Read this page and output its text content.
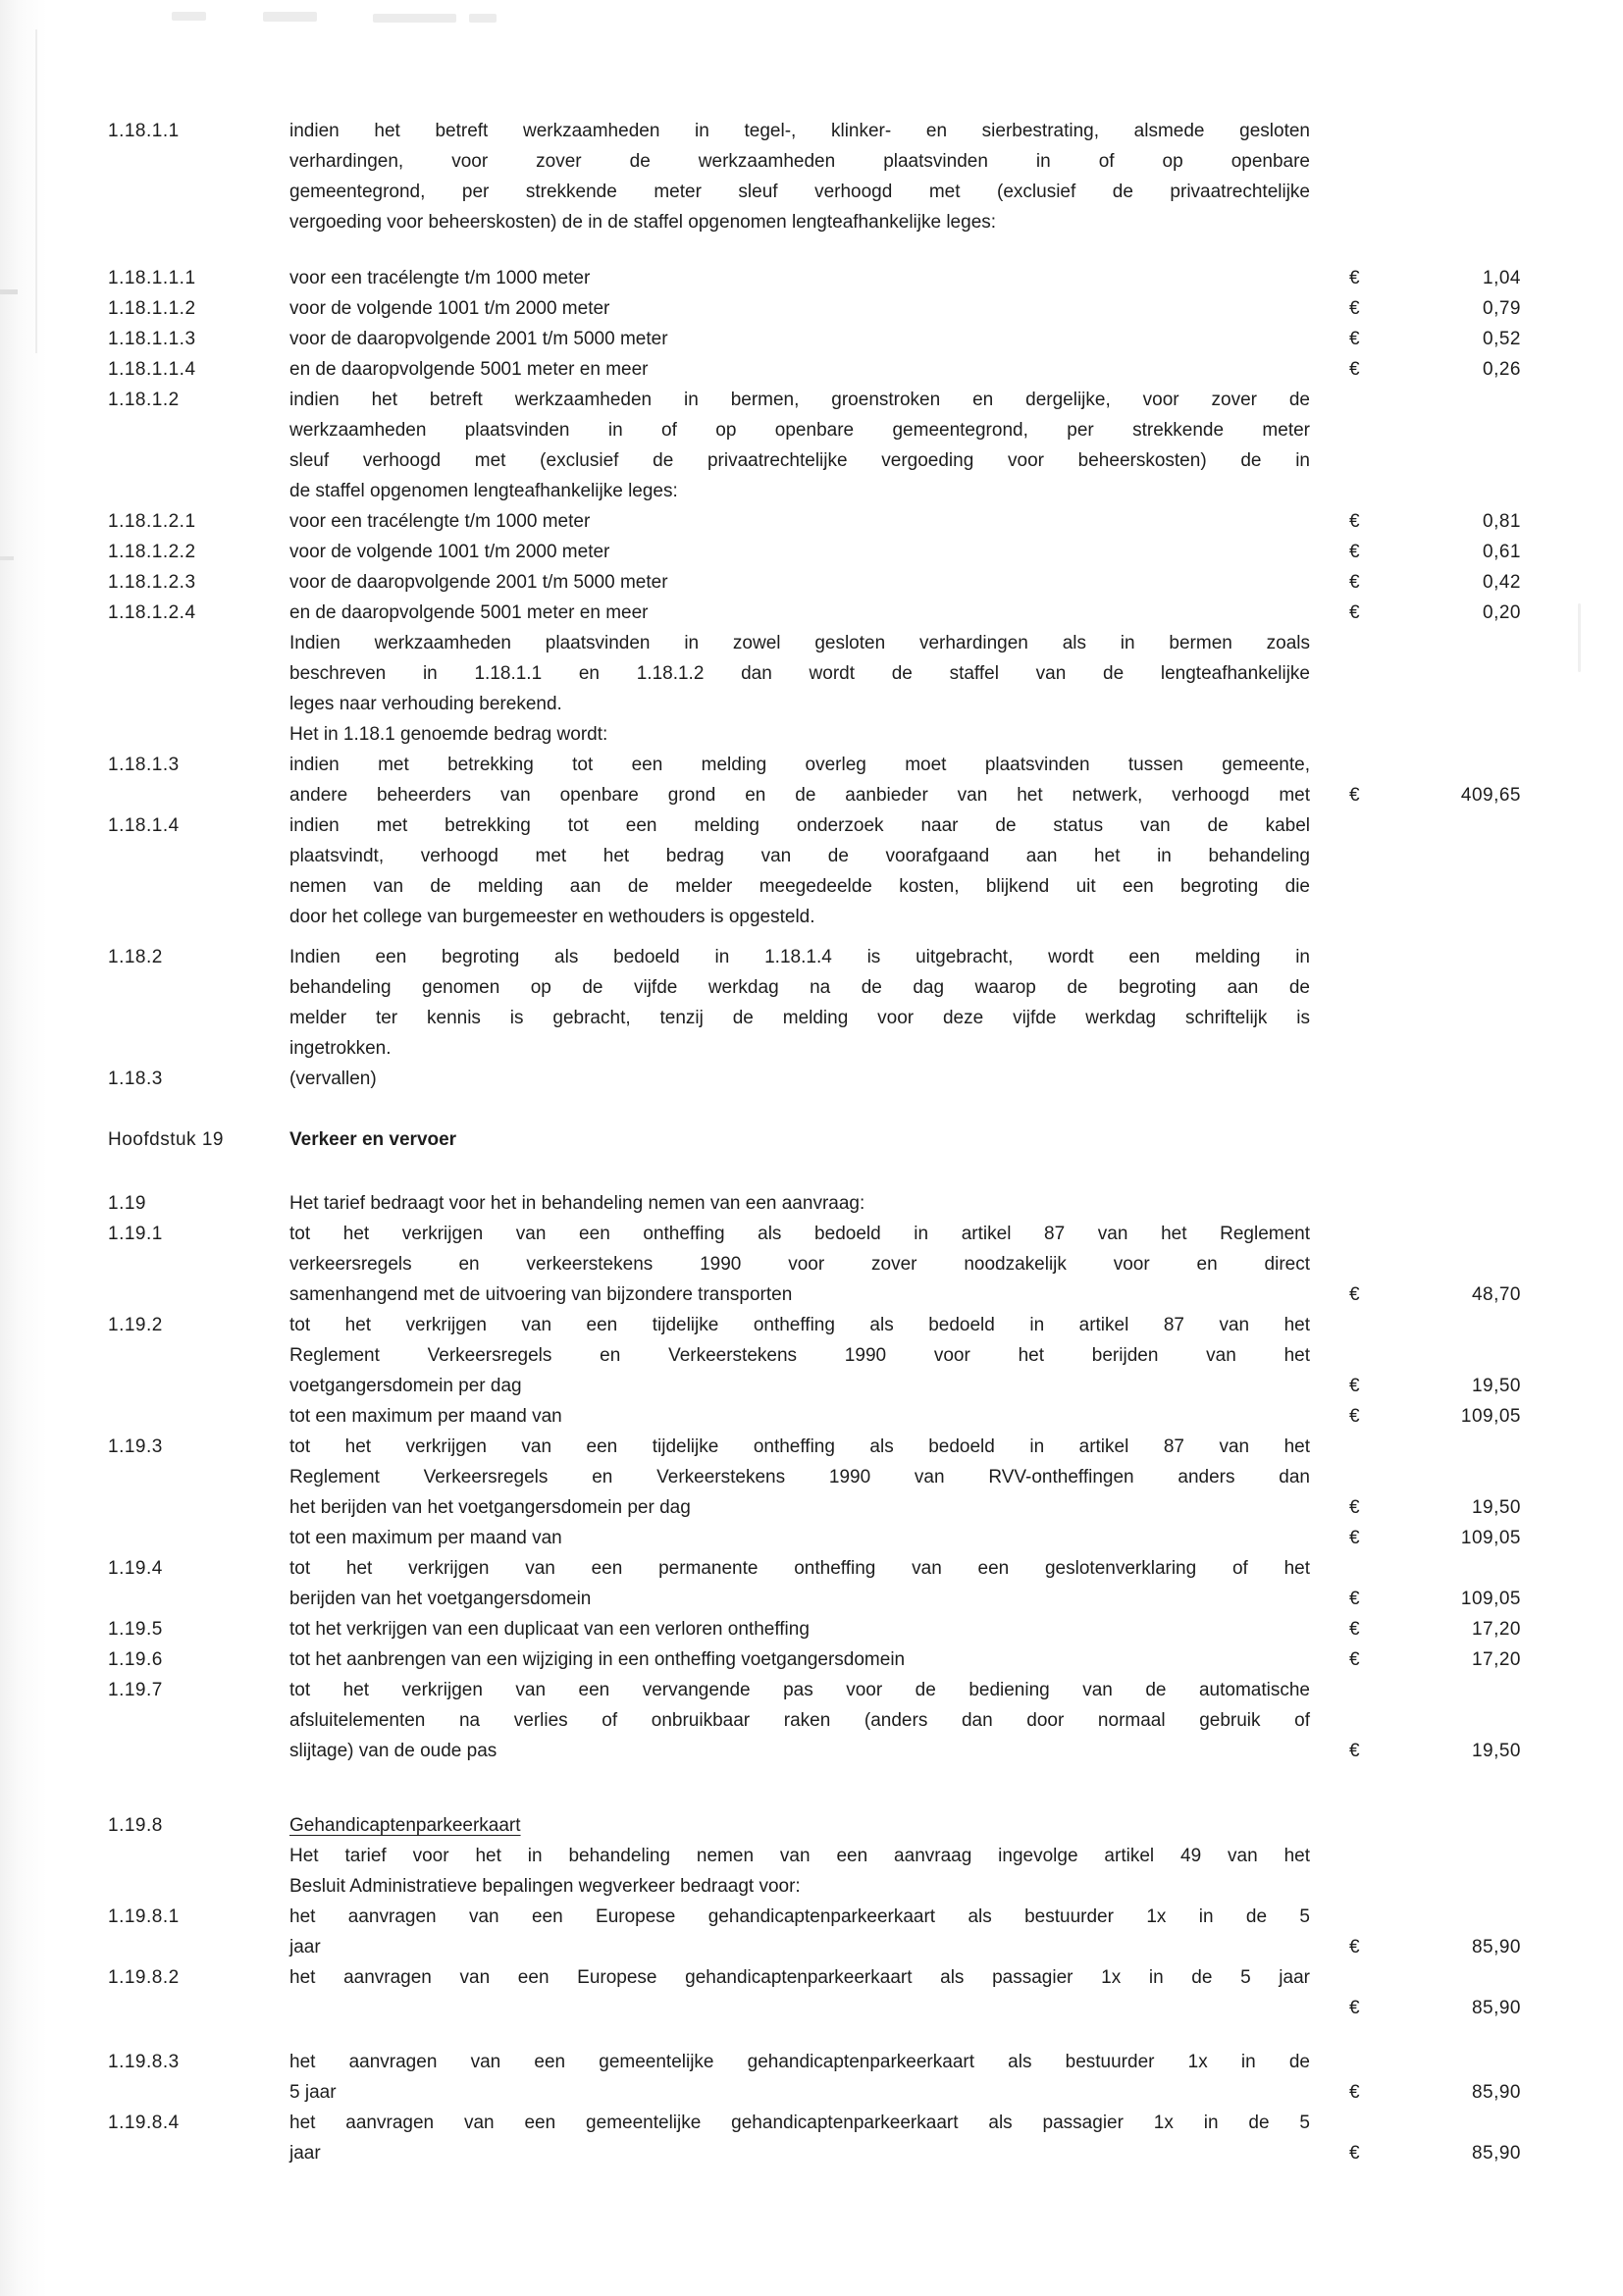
1.18.1.1	indien het betreft werkzaamheden in tegel-, klinker- en sierbestrating, alsmede gesloten
verhardingen, voor zover de werkzaamheden plaatsvinden in of op openbare
gemeentegrond, per strekkende meter sleuf verhoogd met (exclusief de privaatrechtelijke
vergoeding voor beheerskosten) de in de staffel opgenomen lengteafhankelijke leges:
1.18.1.1.1	voor een tracélengte t/m 1000 meter	€	1,04
1.18.1.1.2	voor de volgende 1001 t/m 2000 meter	€	0,79
1.18.1.1.3	voor de daaropvolgende 2001 t/m 5000 meter	€	0,52
1.18.1.1.4	en de daaropvolgende 5001 meter en meer	€	0,26
1.18.1.2	indien het betreft werkzaamheden in bermen, groenstroken en dergelijke, voor zover de
werkzaamheden plaatsvinden in of op openbare gemeentegrond, per strekkende meter
sleuf verhoogd met (exclusief de privaatrechtelijke vergoeding voor beheerskosten) de in
de staffel opgenomen lengteafhankelijke leges:
1.18.1.2.1	voor een tracélengte t/m 1000 meter	€	0,81
1.18.1.2.2	voor de volgende 1001 t/m 2000 meter	€	0,61
1.18.1.2.3	voor de daaropvolgende 2001 t/m 5000 meter	€	0,42
1.18.1.2.4	en de daaropvolgende 5001 meter en meer	€	0,20
Indien werkzaamheden plaatsvinden in zowel gesloten verhardingen als in bermen zoals
beschreven in 1.18.1.1 en 1.18.1.2 dan wordt de staffel van de lengteafhankelijke
leges naar verhouding berekend.
Het in 1.18.1 genoemde bedrag wordt:
1.18.1.3	indien met betrekking tot een melding overleg moet plaatsvinden tussen gemeente,
andere beheerders van openbare grond en de aanbieder van het netwerk, verhoogd met	€	409,65
1.18.1.4	indien met betrekking tot een melding onderzoek naar de status van de kabel
plaatsvindt, verhoogd met het bedrag van de voorafgaand aan het in behandeling
nemen van de melding aan de melder meegedeelde kosten, blijkend uit een begroting die
door het college van burgemeester en wethouders is opgesteld.
1.18.2	Indien een begroting als bedoeld in 1.18.1.4 is uitgebracht, wordt een melding in
behandeling genomen op de vijfde werkdag na de dag waarop de begroting aan de
melder ter kennis is gebracht, tenzij de melding voor deze vijfde werkdag schriftelijk is
ingetrokken.
1.18.3	(vervallen)
Hoofdstuk 19	Verkeer en vervoer
1.19	Het tarief bedraagt voor het in behandeling nemen van een aanvraag:
1.19.1	tot het verkrijgen van een ontheffing als bedoeld in artikel 87 van het Reglement
verkeersregels en verkeerstekens 1990 voor zover noodzakelijk voor en direct
samenhangend met de uitvoering van bijzondere transporten	€	48,70
1.19.2	tot het verkrijgen van een tijdelijke ontheffing als bedoeld in artikel 87 van het
Reglement Verkeersregels en Verkeerstekens 1990 voor het berijden van het
voetgangersdomein per dag	€	19,50
tot een maximum per maand van	€	109,05
1.19.3	tot het verkrijgen van een tijdelijke ontheffing als bedoeld in artikel 87 van het
Reglement Verkeersregels en Verkeerstekens 1990 van RVV-ontheffingen anders dan
het berijden van het voetgangersdomein per dag	€	19,50
tot een maximum per maand van	€	109,05
1.19.4	tot het verkrijgen van een permanente ontheffing van een geslotenverklaring of het
berijden van het voetgangersdomein	€	109,05
1.19.5	tot het verkrijgen van een duplicaat van een verloren ontheffing	€	17,20
1.19.6	tot het aanbrengen van een wijziging in een ontheffing voetgangersdomein	€	17,20
1.19.7	tot het verkrijgen van een vervangende pas voor de bediening van de automatische
afsluitelementen na verlies of onbruikbaar raken (anders dan door normaal gebruik of
slijtage) van de oude pas	€	19,50
1.19.8	Gehandicaptenparkeerkaart
Het tarief voor het in behandeling nemen van een aanvraag ingevolge artikel 49 van het
Besluit Administratieve bepalingen wegverkeer bedraagt voor:
1.19.8.1	het aanvragen van een Europese gehandicaptenparkeerkaart als bestuurder 1x in de 5
jaar	€	85,90
1.19.8.2	het aanvragen van een Europese gehandicaptenparkeerkaart als passagier 1x in de 5 jaar

€	85,90
1.19.8.3	het aanvragen van een gemeentelijke gehandicaptenparkeerkaart als bestuurder 1x in de
5 jaar	€	85,90
1.19.8.4	het aanvragen van een gemeentelijke gehandicaptenparkeerkaart als passagier 1x in de 5
jaar	€	85,90
